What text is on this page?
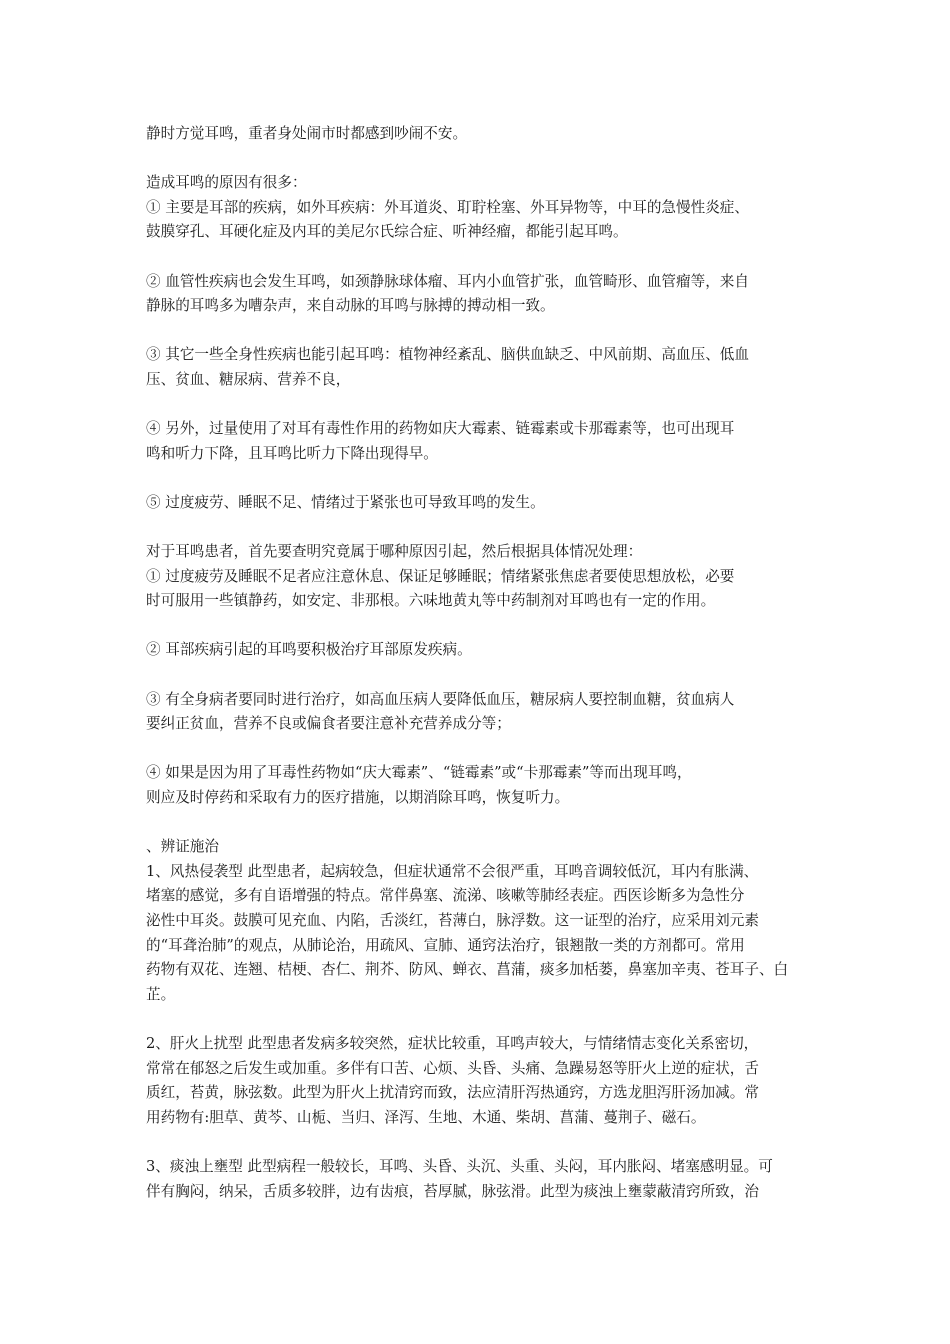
静时方觉耳鸣，重者身处闹市时都感到吵闹不安。
造成耳鸣的原因有很多：
① 主要是耳部的疾病，如外耳疾病：外耳道炎、耵聍栓塞、外耳异物等，中耳的急慢性炎症、
鼓膜穿孔、耳硬化症及内耳的美尼尔氏综合症、听神经瘤，都能引起耳鸣。
② 血管性疾病也会发生耳鸣，如颈静脉球体瘤、耳内小血管扩张，血管畸形、血管瘤等，来自
静脉的耳鸣多为嘈杂声，来自动脉的耳鸣与脉搏的搏动相一致。
③ 其它一些全身性疾病也能引起耳鸣：植物神经紊乱、脑供血缺乏、中风前期、高血压、低血
压、贫血、糖尿病、营养不良，
④ 另外，过量使用了对耳有毒性作用的药物如庆大霉素、链霉素或卡那霉素等，也可出现耳
鸣和听力下降，且耳鸣比听力下降出现得早。
⑤ 过度疲劳、睡眠不足、情绪过于紧张也可导致耳鸣的发生。
对于耳鸣患者，首先要查明究竟属于哪种原因引起，然后根据具体情况处理：
① 过度疲劳及睡眠不足者应注意休息、保证足够睡眠；情绪紧张焦虑者要使思想放松，必要
时可服用一些镇静药，如安定、非那根。六味地黄丸等中药制剂对耳鸣也有一定的作用。
② 耳部疾病引起的耳鸣要积极治疗耳部原发疾病。
③ 有全身病者要同时进行治疗，如高血压病人要降低血压，糖尿病人要控制血糖，贫血病人
要纠正贫血，营养不良或偏食者要注意补充营养成分等；
④ 如果是因为用了耳毒性药物如“庆大霉素”、“链霉素”或“卡那霉素”等而出现耳鸣，
则应及时停药和采取有力的医疗措施，以期消除耳鸣，恢复听力。
、辨证施治
1、风热侵袭型 此型患者，起病较急，但症状通常不会很严重，耳鸣音调较低沉，耳内有胀满、
堵塞的感觉，多有自语增强的特点。常伴鼻塞、流涕、咳嗽等肺经表症。西医诊断多为急性分
泌性中耳炎。鼓膜可见充血、内陷，舌淡红，苔薄白，脉浮数。这一证型的治疗，应采用刘元素
的“耳聋治肺”的观点，从肺论治，用疏风、宣肺、通窍法治疗，银翘散一类的方剂都可。常用
药物有双花、连翘、桔梗、杏仁、荆芥、防风、蝉衣、菖蒲，痰多加栝蒌，鼻塞加辛夷、苍耳子、白
芷。
2、肝火上扰型 此型患者发病多较突然，症状比较重，耳鸣声较大，与情绪情志变化关系密切，
常常在郁怒之后发生或加重。多伴有口苦、心烦、头昏、头痛、急躁易怒等肝火上逆的症状，舌
质红，苔黄，脉弦数。此型为肝火上扰清窍而致，法应清肝泻热通窍，方选龙胆泻肝汤加减。常
用药物有:胆草、黄芩、山栀、当归、泽泻、生地、木通、柴胡、菖蒲、蔓荆子、磁石。
3、痰浊上壅型 此型病程一般较长，耳鸣、头昏、头沉、头重、头闷，耳内胀闷、堵塞感明显。可
伴有胸闷，纳呆，舌质多较胖，边有齿痕，苔厚腻，脉弦滑。此型为痰浊上壅蒙蔽清窍所致，治
